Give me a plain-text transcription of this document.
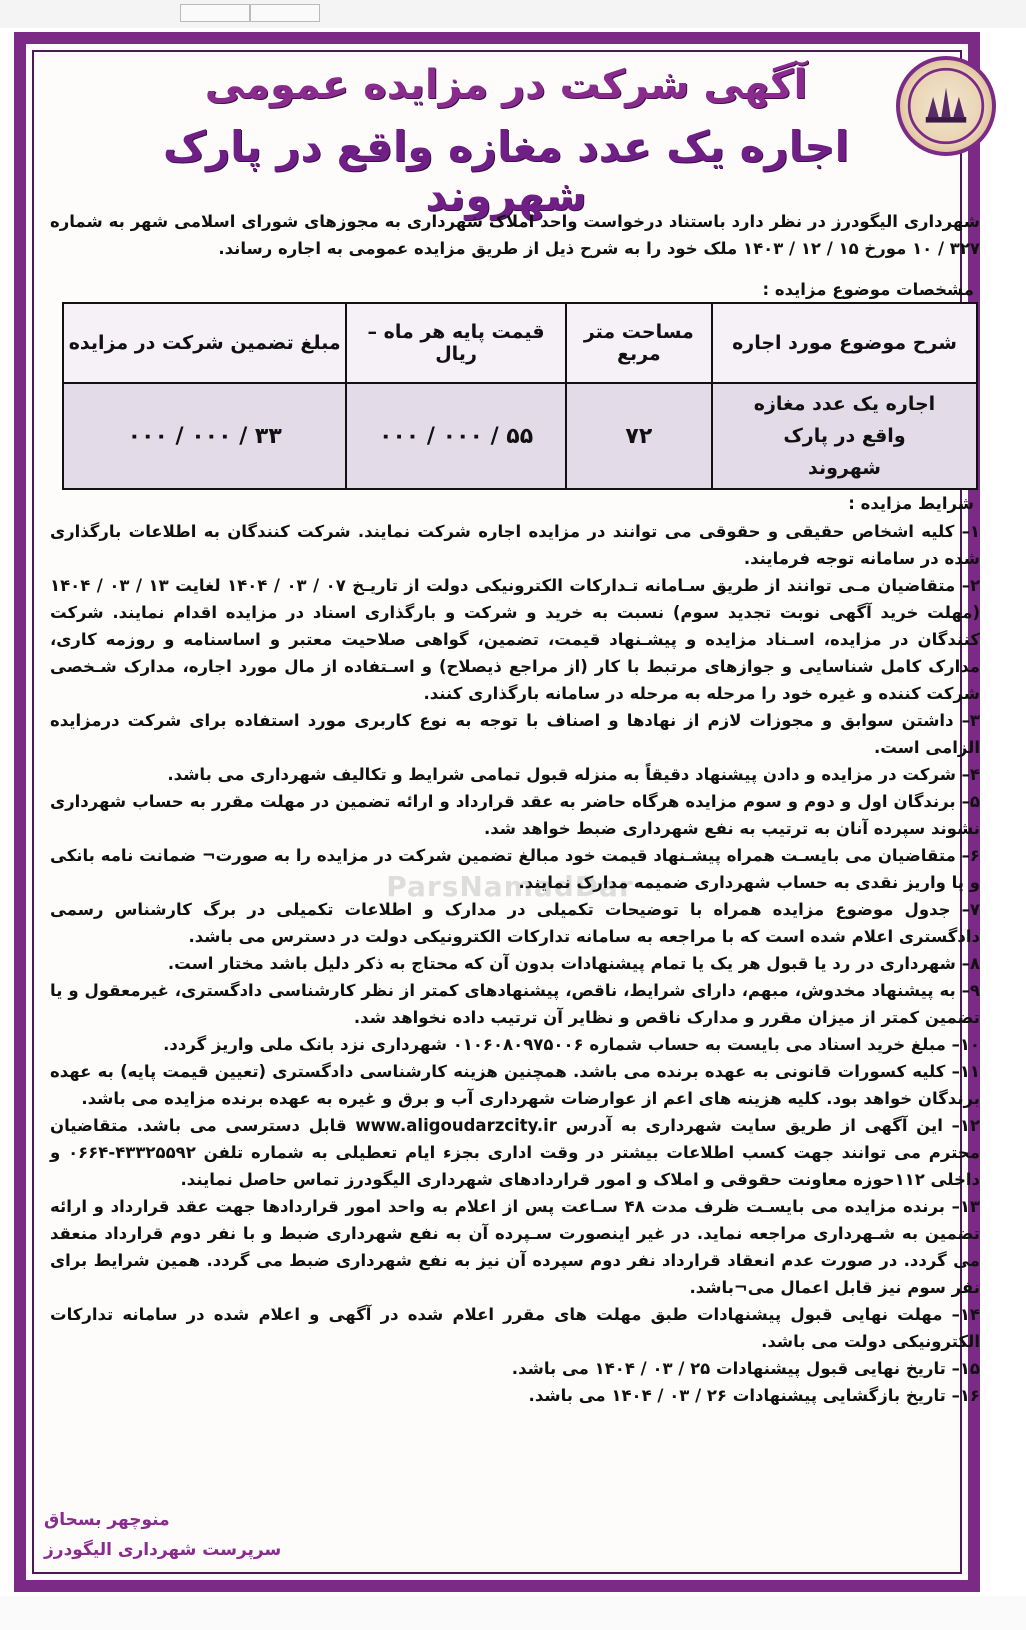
آگهی شرکت در مزایده عمومی
اجاره یک عدد مغازه واقع در پارک شهروند
شهرداری الیگودرز در نظر دارد باستناد درخواست واحد املاک شهرداری به مجوزهای شورای اسلامی شهر به شماره ۳۲۷ / ۱۰ مورخ ۱۵ / ۱۲ / ۱۴۰۳ ملک خود را به شرح ذیل از طریق مزایده عمومی به اجاره رساند.
مشخصات موضوع مزایده :
شرح موضوع مورد اجاره	مساحت متر مربع	قیمت پایه هر ماه – ریال	مبلغ تضمین شرکت در مزایده
اجاره یک عدد مغازه واقع در پارک شهروند	۷۲	۵۵ / ۰۰۰ / ۰۰۰	۳۳ / ۰۰۰ / ۰۰۰
شرایط مزایده :
ParsNamadDar

۱– کلیه اشخاص حقیقی و حقوقی می توانند در مزایده اجاره شرکت نمایند. شرکت کنندگان به اطلاعات بارگذاری شده در سامانه توجه فرمایند.

۲– متقاضیان مـی توانند از طریق سـامانه تـدارکات الکترونیکی دولت از تاریـخ ۰۷ / ۰۳ / ۱۴۰۴ لغایت ۱۳ / ۰۳ / ۱۴۰۴ (مهلت خرید آگهی نوبت تجدید سوم) نسبت به خرید و شرکت و بارگذاری اسناد در مزایده اقدام نمایند. شرکت کنندگان در مزایده، اسـناد مزایده و پیشـنهاد قیمت، تضمین، گواهی صلاحیت معتبر و اساسنامه و روزمه کاری، مدارک کامل شناسایی و جوازهای مرتبط با کار (از مراجع ذیصلاح) و اسـتفاده از مال مورد اجاره، مدارک شـخصی شرکت کننده و غیره خود را مرحله به مرحله در سامانه بارگذاری کنند.

۳– داشتن سوابق و مجوزات لازم از نهادها و اصناف با توجه به نوع کاربری مورد استفاده برای شرکت درمزایده الزامی است.

۴– شرکت در مزایده و دادن پیشنهاد دقیقاً به منزله قبول تمامی شرایط و تکالیف شهرداری می باشد.

۵– برندگان اول و دوم و سوم مزایده هرگاه حاضر به عقد قرارداد و ارائه تضمین در مهلت مقرر به حساب شهرداری نشوند سپرده آنان به ترتیب به نفع شهرداری ضبط خواهد شد.

۶– متقاضیان می بایسـت همراه پیشـنهاد قیمت خود مبالغ تضمین شرکت در مزایده را به صورت¬ ضمانت نامه بانکی و یا واریز نقدی به حساب شهرداری ضمیمه مدارک نمایند.

۷– جدول موضوع مزایده همراه با توضیحات تکمیلی در مدارک و اطلاعات تکمیلی در برگ کارشناس رسمی دادگستری اعلام شده است که با مراجعه به سامانه تدارکات الکترونیکی دولت در دسترس می باشد.

۸– شهرداری در رد یا قبول هر یک یا تمام پیشنهادات بدون آن که محتاج به ذکر دلیل باشد مختار است.

۹– به پیشنهاد مخدوش، مبهم، دارای شرایط، ناقص، پیشنهادهای کمتر از نظر کارشناسی دادگستری، غیرمعقول و یا تضمین کمتر از میزان مقرر و مدارک ناقص و نظایر آن ترتیب داده نخواهد شد.

۱۰– مبلغ خرید اسناد می بایست به حساب شماره ۰۱۰۶۰۸۰۹۷۵۰۰۶ شهرداری نزد بانک ملی واریز گردد.

۱۱– کلیه کسورات قانونی به عهده برنده می باشد. همچنین هزینه کارشناسی دادگستری (تعیین قیمت پایه) به عهده برندگان خواهد بود. کلیه هزینه های اعم از عوارضات شهرداری آب و برق و غیره به عهده برنده مزایده می باشد.

۱۲– این آگهی از طریق سایت شهرداری به آدرس www.aligoudarzcity.ir قابل دسترسی می باشد. متقاضیان محترم می توانند جهت کسب اطلاعات بیشتر در وقت اداری بجزء ایام تعطیلی به شماره تلفن ۴۳۳۲۵۵۹۲-۰۶۶۴ و داخلی ۱۱۲حوزه معاونت حقوقی و املاک و امور قراردادهای شهرداری الیگودرز تماس حاصل نمایند.

۱۳– برنده مزایده می بایسـت ظرف مدت ۴۸ سـاعت پس از اعلام به واحد امور قراردادها جهت عقد قرارداد و ارائه تضمین به شـهرداری مراجعه نماید. در غیر اینصورت سـپرده آن به نفع شهرداری ضبط و با نفر دوم قرارداد منعقد می گردد. در صورت عدم انعقاد قرارداد نفر دوم سپرده آن نیز به نفع شهرداری ضبط می گردد. همین شرایط برای نفر سوم نیز قابل اعمال می¬باشد.

۱۴– مهلت نهایی قبول پیشنهادات طبق مهلت های مقرر اعلام شده در آگهی و اعلام شده در سامانه تدارکات الکترونیکی دولت می باشد.

۱۵– تاریخ نهایی قبول پیشنهادات ۲۵ / ۰۳ / ۱۴۰۴ می باشد.

۱۶– تاریخ بازگشایی پیشنهادات ۲۶ / ۰۳ / ۱۴۰۴ می باشد.

منوچهر بسحاق
سرپرست شهرداری الیگودرز
